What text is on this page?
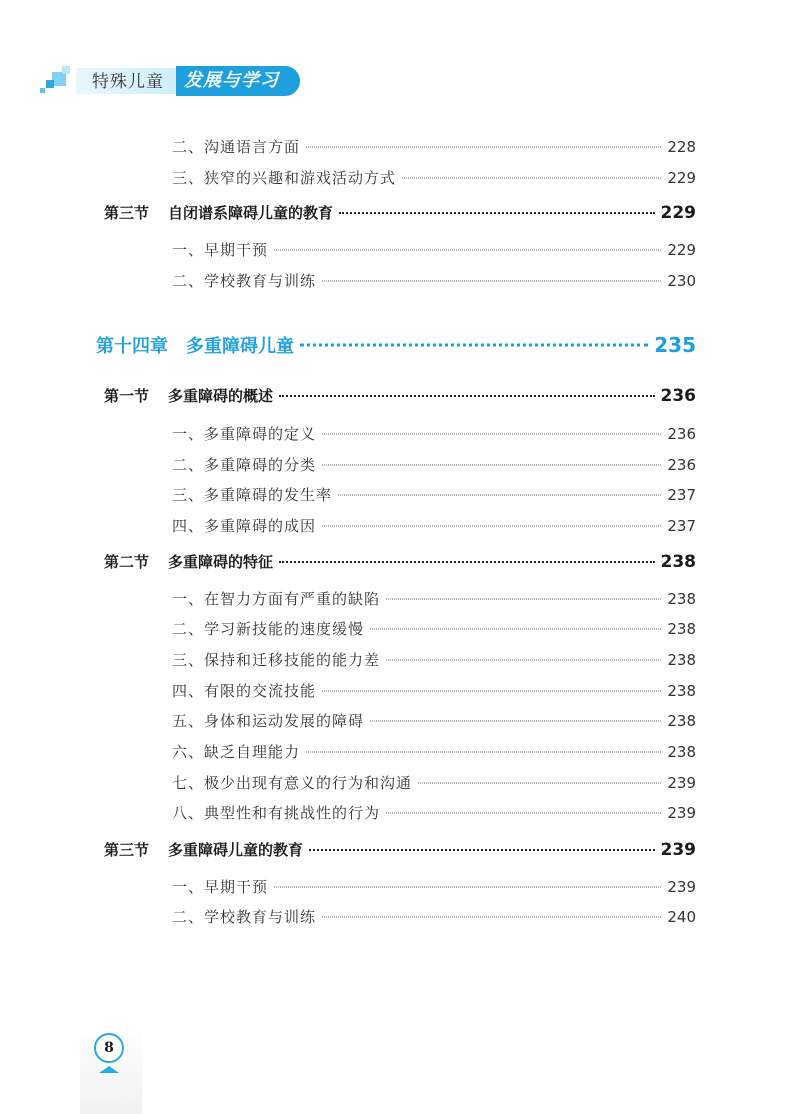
特殊儿童 发展与学习
二、沟通语言方面	228
三、狭窄的兴趣和游戏活动方式	229
第三节 自闭谱系障碍儿童的教育	229
一、早期干预	229
二、学校教育与训练	230
第十四章 多重障碍儿童	235
第一节 多重障碍的概述	236
一、多重障碍的定义	236
二、多重障碍的分类	236
三、多重障碍的发生率	237
四、多重障碍的成因	237
第二节 多重障碍的特征	238
一、在智力方面有严重的缺陷	238
二、学习新技能的速度缓慢	238
三、保持和迁移技能的能力差	238
四、有限的交流技能	238
五、身体和运动发展的障碍	238
六、缺乏自理能力	238
七、极少出现有意义的行为和沟通	239
八、典型性和有挑战性的行为	239
第三节 多重障碍儿童的教育	239
一、早期干预	239
二、学校教育与训练	240
8
